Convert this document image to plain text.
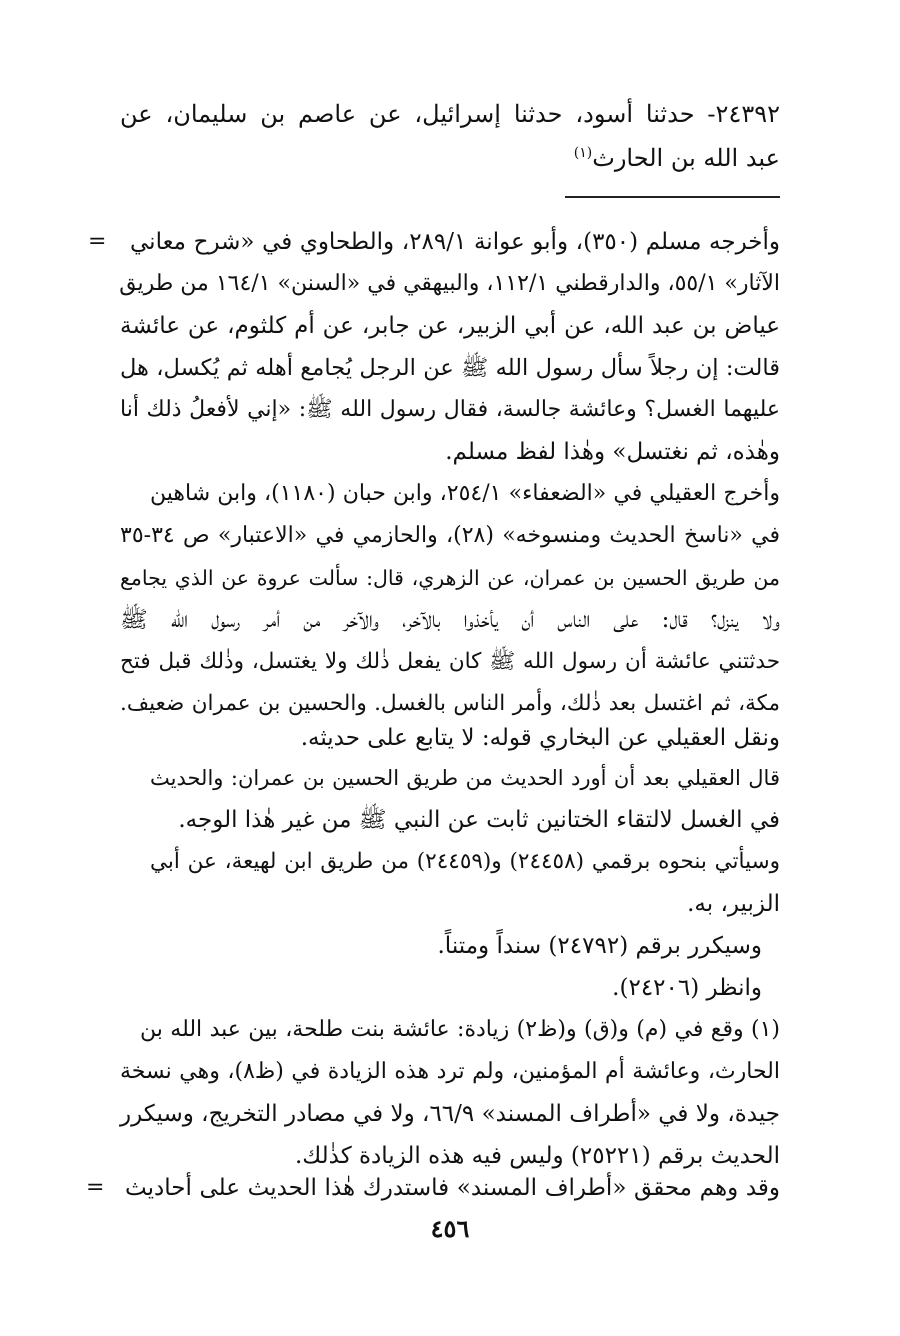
٢٤٣٩٢- حدثنا أسود، حدثنا إسرائيل، عن عاصم بن سليمان، عن
عبد الله بن الحارث$^{(١)}$
= وأخرجه مسلم (٣٥٠)، وأبو عوانة ٢٨٩/١، والطحاوي في «شرح معاني
الآثار» ٥٥/١، والدارقطني ١١٢/١، والبيهقي في «السنن» ١٦٤/١ من طريق
عياض بن عبد الله، عن أبي الزبير، عن جابر، عن أم كلثوم، عن عائشة
قالت: إن رجلاً سأل رسول الله ﷺ عن الرجل يُجامع أهله ثم يُكسل، هل
عليهما الغسل؟ وعائشة جالسة، فقال رسول الله ﷺ: «إني لأفعلُ ذلك أنا
وهٰذه، ثم نغتسل» وهٰذا لفظ مسلم.
وأخرج العقيلي في «الضعفاء» ٢٥٤/١، وابن حبان (١١٨٠)، وابن شاهين
في «ناسخ الحديث ومنسوخه» (٢٨)، والحازمي في «الاعتبار» ص ٣٤-٣٥
من طريق الحسين بن عمران، عن الزهري، قال: سألت عروة عن الذي يجامع
ولا ينزل؟ قال: على الناس أن يأخذوا بالآخر، والآخر من أمر رسول الله ﷺ
حدثتني عائشة أن رسول الله ﷺ كان يفعل ذٰلك ولا يغتسل، وذٰلك قبل فتح
مكة، ثم اغتسل بعد ذٰلك، وأمر الناس بالغسل. والحسين بن عمران ضعيف.
ونقل العقيلي عن البخاري قوله: لا يتابع على حديثه.
قال العقيلي بعد أن أورد الحديث من طريق الحسين بن عمران: والحديث
في الغسل لالتقاء الختانين ثابت عن النبي ﷺ من غير هٰذا الوجه.
وسيأتي بنحوه برقمي (٢٤٤٥٨) و(٢٤٤٥٩) من طريق ابن لهيعة، عن أبي
الزبير، به.
وسيكرر برقم (٢٤٧٩٢) سنداً ومتناً.
وانظر (٢٤٢٠٦).
(١) وقع في (م) و(ق) و(ظ٢) زيادة: عائشة بنت طلحة، بين عبد الله بن
الحارث، وعائشة أم المؤمنين، ولم ترد هذه الزيادة في (ظ٨)، وهي نسخة
جيدة، ولا في «أطراف المسند» ٦٦/٩، ولا في مصادر التخريج، وسيكرر
الحديث برقم (٢٥٢٢١) وليس فيه هذه الزيادة كذٰلك.
وقد وهم محقق «أطراف المسند» فاستدرك هٰذا الحديث على أحاديث
=
٤٥٦
